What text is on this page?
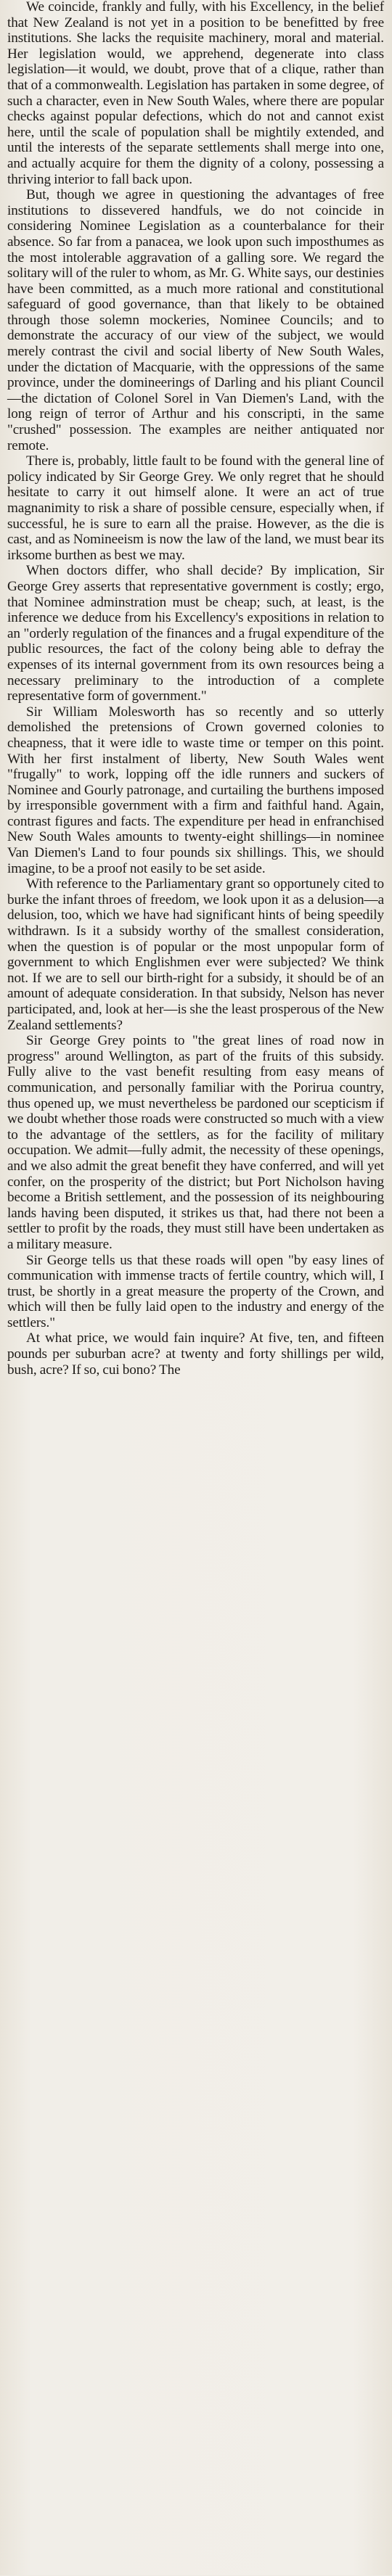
We coincide, frankly and fully, with his Excellency, in the belief that New Zealand is not yet in a position to be benefitted by free institutions. She lacks the requisite machinery, moral and material. Her legislation would, we apprehend, degenerate into class legislation—it would, we doubt, prove that of a clique, rather than that of a commonwealth. Legislation has partaken in some degree, of such a character, even in New South Wales, where there are popular checks against popular defections, which do not and cannot exist here, until the scale of population shall be mightily extended, and until the interests of the separate settlements shall merge into one, and actually acquire for them the dignity of a colony, possessing a thriving interior to fall back upon.

But, though we agree in questioning the advantages of free institutions to dissevered handfuls, we do not coincide in considering Nominee Legislation as a counterbalance for their absence. So far from a panacea, we look upon such imposthumes as the most intolerable aggravation of a galling sore. We regard the solitary will of the ruler to whom, as Mr. G. White says, our destinies have been committed, as a much more rational and constitutional safeguard of good governance, than that likely to be obtained through those solemn mockeries, Nominee Councils; and to demonstrate the accuracy of our view of the subject, we would merely contrast the civil and social liberty of New South Wales, under the dictation of Macquarie, with the oppressions of the same province, under the domineerings of Darling and his pliant Council—the dictation of Colonel Sorel in Van Diemen's Land, with the long reign of terror of Arthur and his conscripti, in the same "crushed" possession. The examples are neither antiquated nor remote.

There is, probably, little fault to be found with the general line of policy indicated by Sir George Grey. We only regret that he should hesitate to carry it out himself alone. It were an act of true magnanimity to risk a share of possible censure, especially when, if successful, he is sure to earn all the praise. However, as the die is cast, and as Nomineeism is now the law of the land, we must bear its irksome burthen as best we may.

When doctors differ, who shall decide? By implication, Sir George Grey asserts that representative government is costly; ergo, that Nominee adminstration must be cheap; such, at least, is the inference we deduce from his Excellency's expositions in relation to an "orderly regulation of the finances and a frugal expenditure of the public resources, the fact of the colony being able to defray the expenses of its internal government from its own resources being a necessary preliminary to the introduction of a complete representative form of government."

Sir William Molesworth has so recently and so utterly demolished the pretensions of Crown governed colonies to cheapness, that it were idle to waste time or temper on this point. With her first instalment of liberty, New South Wales went "frugally" to work, lopping off the idle runners and suckers of Nominee and Gourly patronage, and curtailing the burthens imposed by irresponsible government with a firm and faithful hand. Again, contrast figures and facts. The expenditure per head in enfranchised New South Wales amounts to twenty-eight shillings—in nominee Van Diemen's Land to four pounds six shillings. This, we should imagine, to be a proof not easily to be set aside.

With reference to the Parliamentary grant so opportunely cited to burke the infant throes of freedom, we look upon it as a delusion—a delusion, too, which we have had significant hints of being speedily withdrawn. Is it a subsidy worthy of the smallest consideration, when the question is of popular or the most unpopular form of government to which Englishmen ever were subjected? We think not. If we are to sell our birth-right for a subsidy, it should be of an amount of adequate consideration. In that subsidy, Nelson has never participated, and, look at her—is she the least prosperous of the New Zealand settlements?

Sir George Grey points to "the great lines of road now in progress" around Wellington, as part of the fruits of this subsidy. Fully alive to the vast benefit resulting from easy means of communication, and personally familiar with the Porirua country, thus opened up, we must nevertheless be pardoned our scepticism if we doubt whether those roads were constructed so much with a view to the advantage of the settlers, as for the facility of military occupation. We admit—fully admit, the necessity of these openings, and we also admit the great benefit they have conferred, and will yet confer, on the prosperity of the district; but Port Nicholson having become a British settlement, and the possession of its neighbouring lands having been disputed, it strikes us that, had there not been a settler to profit by the roads, they must still have been undertaken as a military measure.

Sir George tells us that these roads will open "by easy lines of communication with immense tracts of fertile country, which will, I trust, be shortly in a great measure the property of the Crown, and which will then be fully laid open to the industry and energy of the settlers."

At what price, we would fain inquire? At five, ten, and fifteen pounds per suburban acre? at twenty and forty shillings per wild, bush, acre? If so, cui bono? The
